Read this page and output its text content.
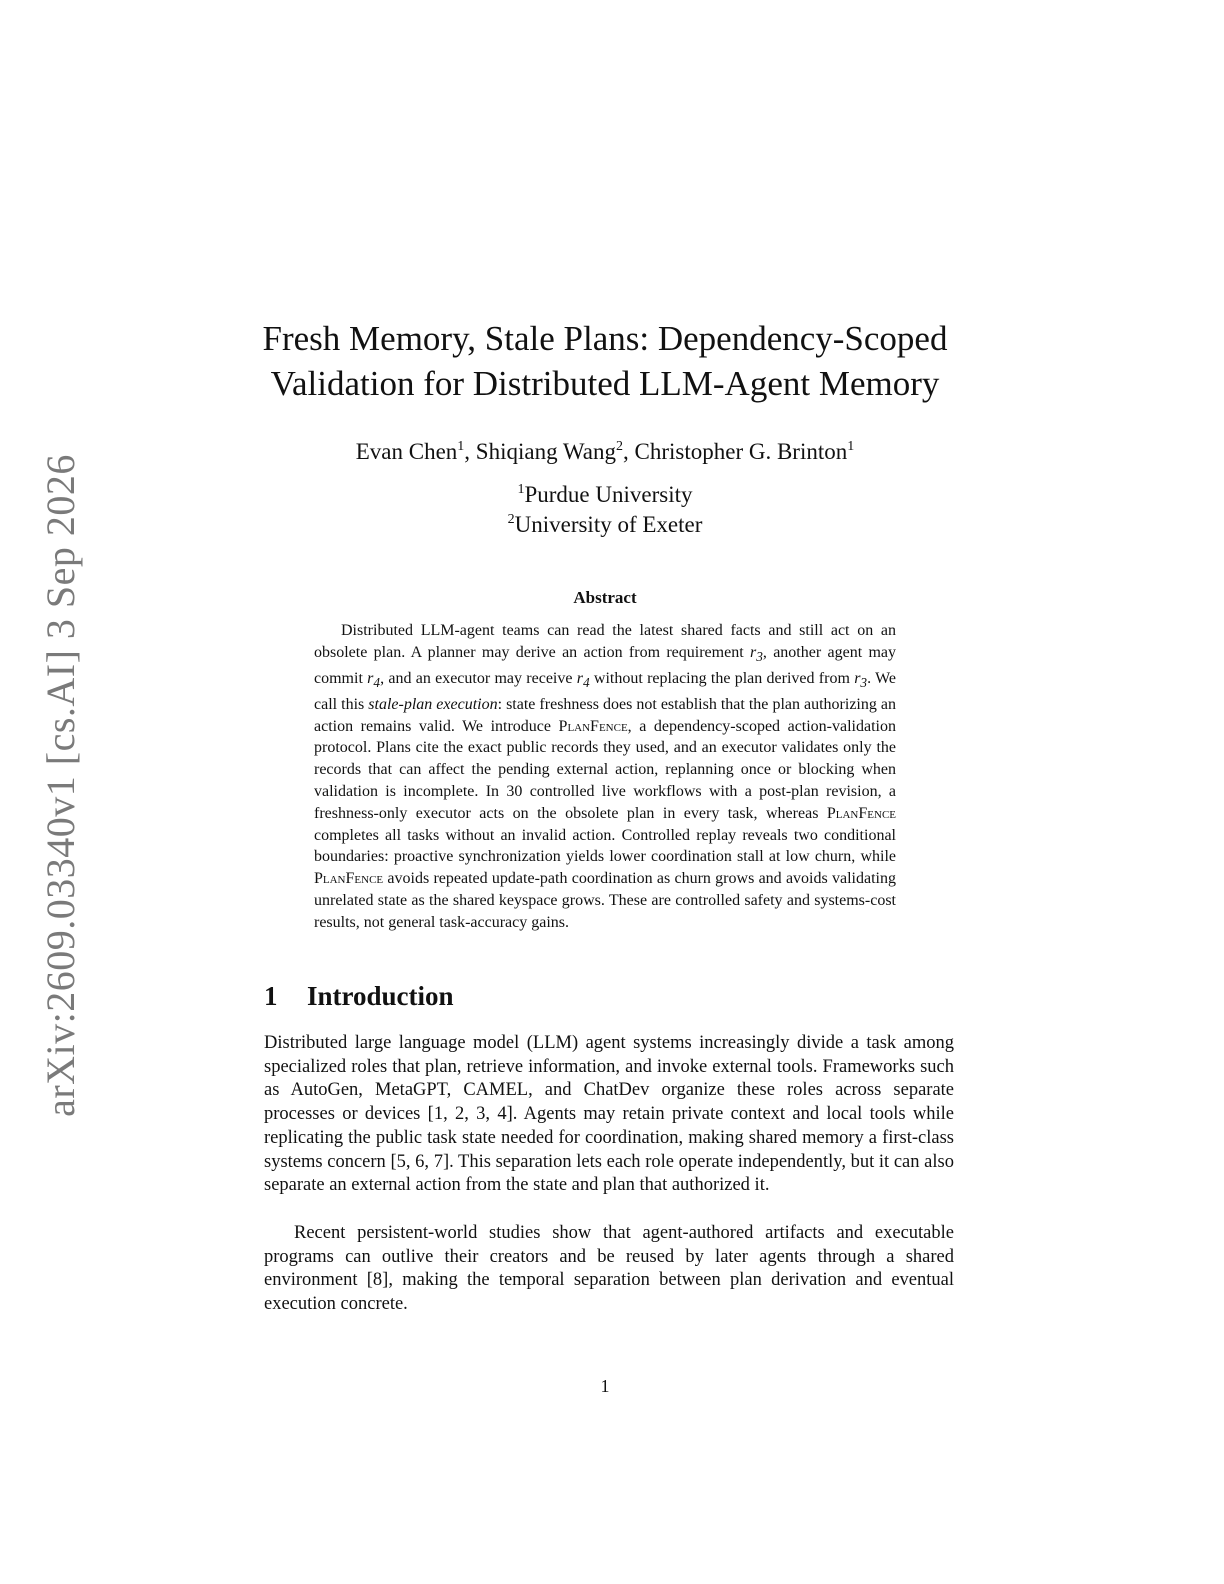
arXiv:2609.03340v1 [cs.AI] 3 Sep 2026
Fresh Memory, Stale Plans: Dependency-Scoped
Validation for Distributed LLM-Agent Memory
Evan Chen$^1$, Shiqiang Wang$^2$, Christopher G. Brinton$^1$
$^1$Purdue University
$^2$University of Exeter
Abstract

Distributed LLM-agent teams can read the latest shared facts and still act on an obsolete plan. A planner may derive an action from requirement $r_3$, another agent may commit $r_4$, and an executor may receive $r_4$ without replacing the plan derived from $r_3$. We call this stale-plan execution: state freshness does not establish that the plan authorizing an action remains valid. We introduce PlanFence, a dependency-scoped action-validation protocol. Plans cite the exact public records they used, and an executor validates only the records that can affect the pending external action, replanning once or blocking when validation is incomplete. In 30 controlled live workflows with a post-plan revision, a freshness-only executor acts on the obsolete plan in every task, whereas PlanFence completes all tasks without an invalid action. Controlled replay reveals two conditional boundaries: proactive synchronization yields lower coordination stall at low churn, while PlanFence avoids repeated update-path coordination as churn grows and avoids validating unrelated state as the shared keyspace grows. These are controlled safety and systems-cost results, not general task-accuracy gains.

1 Introduction

Distributed large language model (LLM) agent systems increasingly divide a task among specialized roles that plan, retrieve information, and invoke external tools. Frameworks such as AutoGen, MetaGPT, CAMEL, and ChatDev organize these roles across separate processes or devices [1, 2, 3, 4]. Agents may retain private context and local tools while replicating the public task state needed for coordination, making shared memory a first-class systems concern [5, 6, 7]. This separation lets each role operate independently, but it can also separate an external action from the state and plan that authorized it.

Recent persistent-world studies show that agent-authored artifacts and executable programs can outlive their creators and be reused by later agents through a shared environment [8], making the temporal separation between plan derivation and eventual execution concrete.

1
